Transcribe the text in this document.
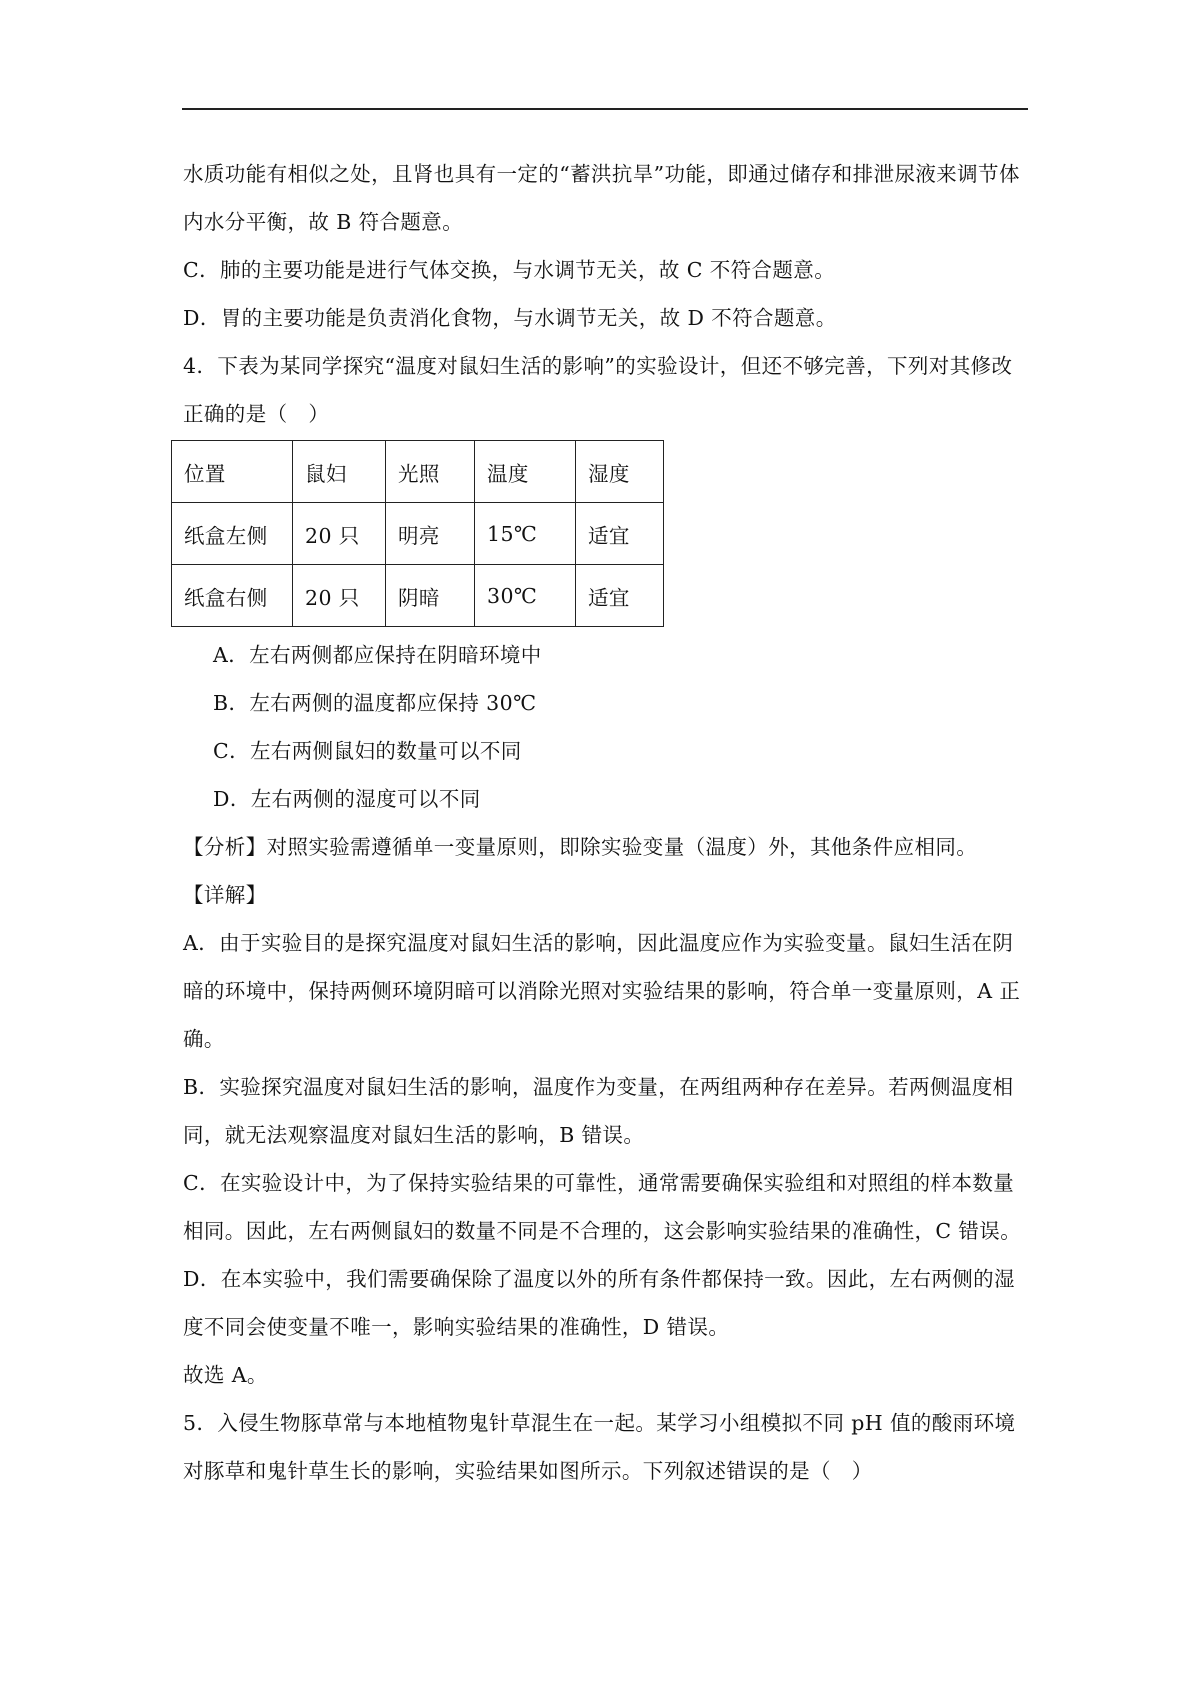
水质功能有相似之处，且肾也具有一定的“蓄洪抗旱”功能，即通过储存和排泄尿液来调节体
内水分平衡，故 B 符合题意。
C．肺的主要功能是进行气体交换，与水调节无关，故 C 不符合题意。
D．胃的主要功能是负责消化食物，与水调节无关，故 D 不符合题意。
4．下表为某同学探究“温度对鼠妇生活的影响”的实验设计，但还不够完善，下列对其修改
正确的是（　）
位置	鼠妇	光照	温度	湿度
纸盒左侧	20 只	明亮	15℃	适宜
纸盒右侧	20 只	阴暗	30℃	适宜
A．左右两侧都应保持在阴暗环境中
B．左右两侧的温度都应保持 30℃
C．左右两侧鼠妇的数量可以不同
D．左右两侧的湿度可以不同
【分析】对照实验需遵循单一变量原则，即除实验变量（温度）外，其他条件应相同。
【详解】
A．由于实验目的是探究温度对鼠妇生活的影响，因此温度应作为实验变量。鼠妇生活在阴
暗的环境中，保持两侧环境阴暗可以消除光照对实验结果的影响，符合单一变量原则，A 正
确。
B．实验探究温度对鼠妇生活的影响，温度作为变量，在两组两种存在差异。若两侧温度相
同，就无法观察温度对鼠妇生活的影响，B 错误。
C．在实验设计中，为了保持实验结果的可靠性，通常需要确保实验组和对照组的样本数量
相同。因此，左右两侧鼠妇的数量不同是不合理的，这会影响实验结果的准确性，C 错误。
D．在本实验中，我们需要确保除了温度以外的所有条件都保持一致。因此，左右两侧的湿
度不同会使变量不唯一，影响实验结果的准确性，D 错误。
故选 A。
5．入侵生物豚草常与本地植物鬼针草混生在一起。某学习小组模拟不同 pH 值的酸雨环境
对豚草和鬼针草生长的影响，实验结果如图所示。下列叙述错误的是（　）
